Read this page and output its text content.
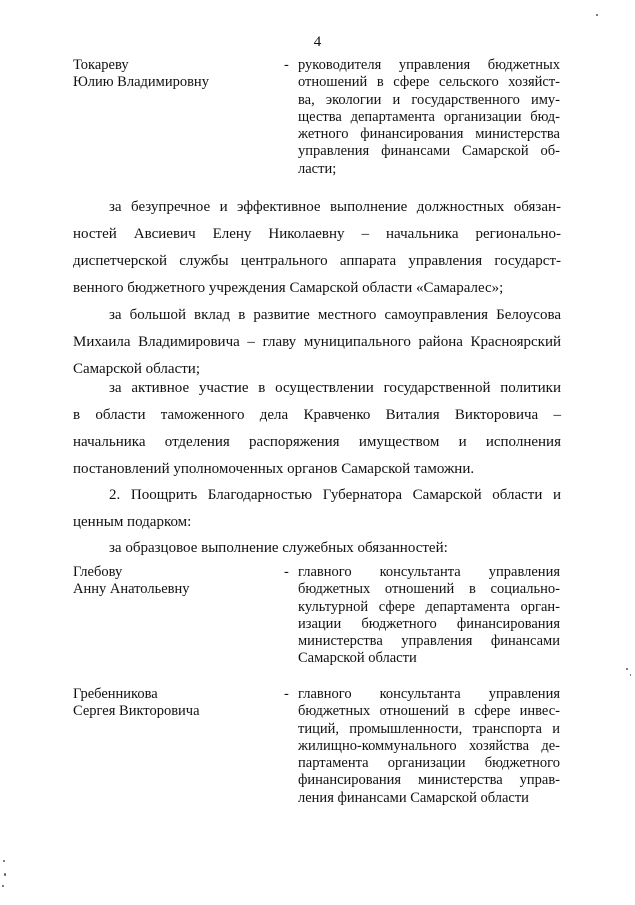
4
Токареву
Юлию Владимировну
- руководителя управления бюджетных
отношений в сфере сельского хозяйст-
ва, экологии и государственного иму-
щества департамента организации бюд-
жетного финансирования министерства
управления финансами Самарской об-
ласти;
за безупречное и эффективное выполнение должностных обязан-
ностей Авсиевич Елену Николаевну – начальника регионально-
диспетчерской службы центрального аппарата управления государст-
венного бюджетного учреждения Самарской области «Самаралес»;
за большой вклад в развитие местного самоуправления Белоусова
Михаила Владимировича – главу муниципального района Красноярский
Самарской области;
за активное участие в осуществлении государственной политики
в области таможенного дела Кравченко Виталия Викторовича –
начальника отделения распоряжения имуществом и исполнения
постановлений уполномоченных органов Самарской таможни.
2. Поощрить Благодарностью Губернатора Самарской области и
ценным подарком:
за образцовое выполнение служебных обязанностей:
Глебову
Анну Анатольевну
- главного консультанта управления
бюджетных отношений в социально-
культурной сфере департамента орган-
изации бюджетного финансирования
министерства управления финансами
Самарской области
Гребенникова
Сергея Викторовича
- главного консультанта управления
бюджетных отношений в сфере инвес-
тиций, промышленности, транспорта и
жилищно-коммунального хозяйства де-
партамента организации бюджетного
финансирования министерства управ-
ления финансами Самарской области
